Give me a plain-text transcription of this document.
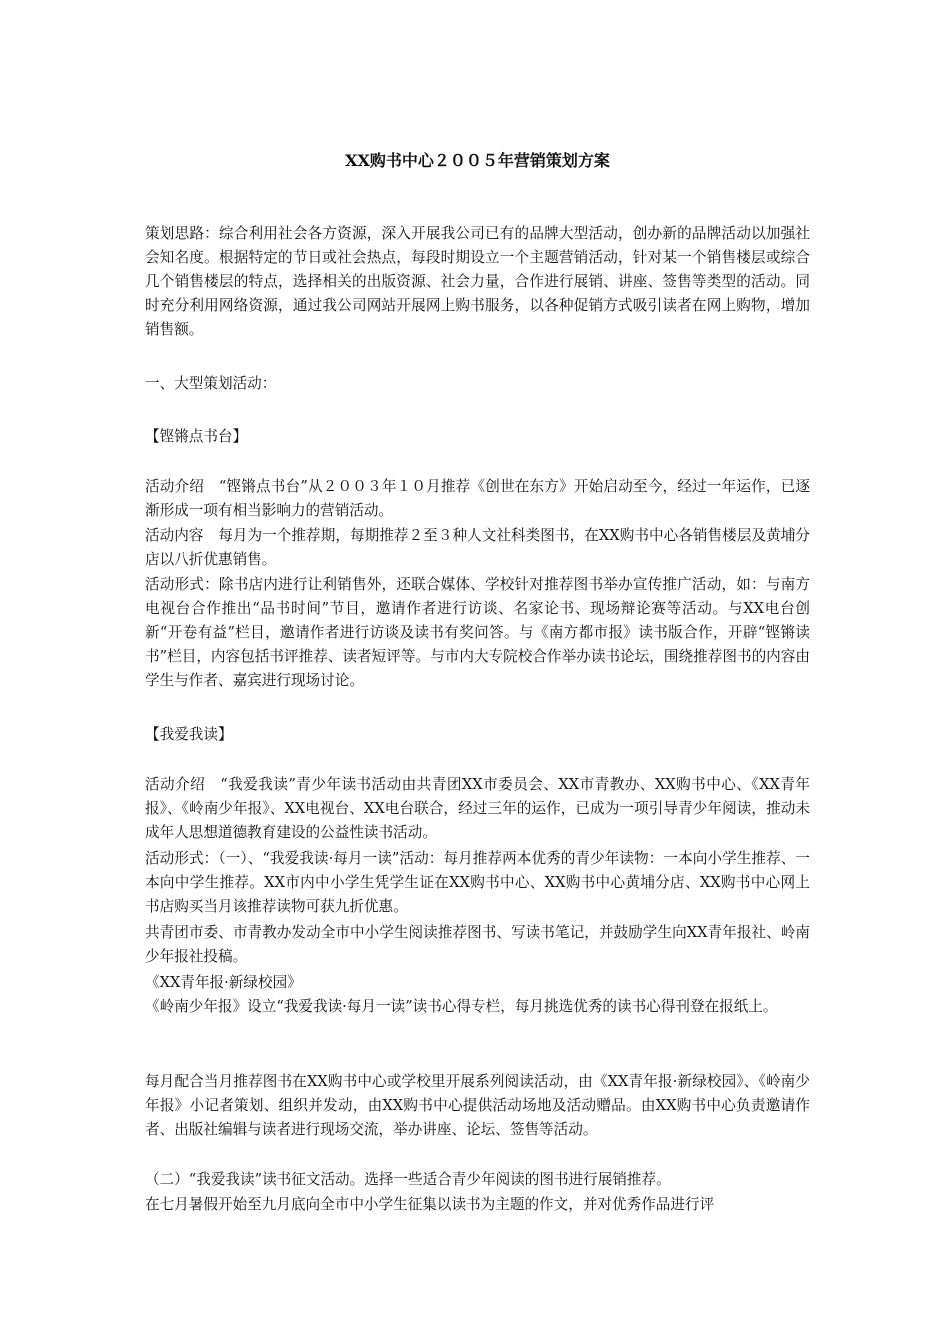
XX购书中心２００５年营销策划方案

策划思路：综合利用社会各方资源，深入开展我公司已有的品牌大型活动，创办新的品牌活动以加强社会知名度。根据特定的节日或社会热点，每段时期设立一个主题营销活动，针对某一个销售楼层或综合几个销售楼层的特点，选择相关的出版资源、社会力量，合作进行展销、讲座、签售等类型的活动。同时充分利用网络资源，通过我公司网站开展网上购书服务，以各种促销方式吸引读者在网上购物，增加销售额。

一、大型策划活动：

【铿锵点书台】

活动介绍　“铿锵点书台”从２００３年１０月推荐《创世在东方》开始启动至今，经过一年运作，已逐渐形成一项有相当影响力的营销活动。

活动内容　每月为一个推荐期，每期推荐２至３种人文社科类图书，在XX购书中心各销售楼层及黄埔分店以八折优惠销售。

活动形式：除书店内进行让利销售外，还联合媒体、学校针对推荐图书举办宣传推广活动，如：与南方电视台合作推出“品书时间”节目，邀请作者进行访谈、名家论书、现场辩论赛等活动。与XX电台创新“开卷有益”栏目，邀请作者进行访谈及读书有奖问答。与《南方都市报》读书版合作，开辟“铿锵读书”栏目，内容包括书评推荐、读者短评等。与市内大专院校合作举办读书论坛，围绕推荐图书的内容由学生与作者、嘉宾进行现场讨论。

【我爱我读】

活动介绍　“我爱我读”青少年读书活动由共青团XX市委员会、XX市青教办、XX购书中心、《XX青年报》、《岭南少年报》、XX电视台、XX电台联合，经过三年的运作，已成为一项引导青少年阅读，推动未成年人思想道德教育建设的公益性读书活动。

活动形式：（一）、“我爱我读·每月一读”活动：每月推荐两本优秀的青少年读物：一本向小学生推荐、一本向中学生推荐。XX市内中小学生凭学生证在XX购书中心、XX购书中心黄埔分店、XX购书中心网上书店购买当月该推荐读物可获九折优惠。

共青团市委、市青教办发动全市中小学生阅读推荐图书、写读书笔记，并鼓励学生向XX青年报社、岭南少年报社投稿。

《XX青年报·新绿校园》

《岭南少年报》设立“我爱我读·每月一读”读书心得专栏，每月挑选优秀的读书心得刊登在报纸上。

每月配合当月推荐图书在XX购书中心或学校里开展系列阅读活动，由《XX青年报·新绿校园》、《岭南少年报》小记者策划、组织并发动，由XX购书中心提供活动场地及活动赠品。由XX购书中心负责邀请作者、出版社编辑与读者进行现场交流，举办讲座、论坛、签售等活动。

（二）“我爱我读”读书征文活动。选择一些适合青少年阅读的图书进行展销推荐。

在七月暑假开始至九月底向全市中小学生征集以读书为主题的作文，并对优秀作品进行评
